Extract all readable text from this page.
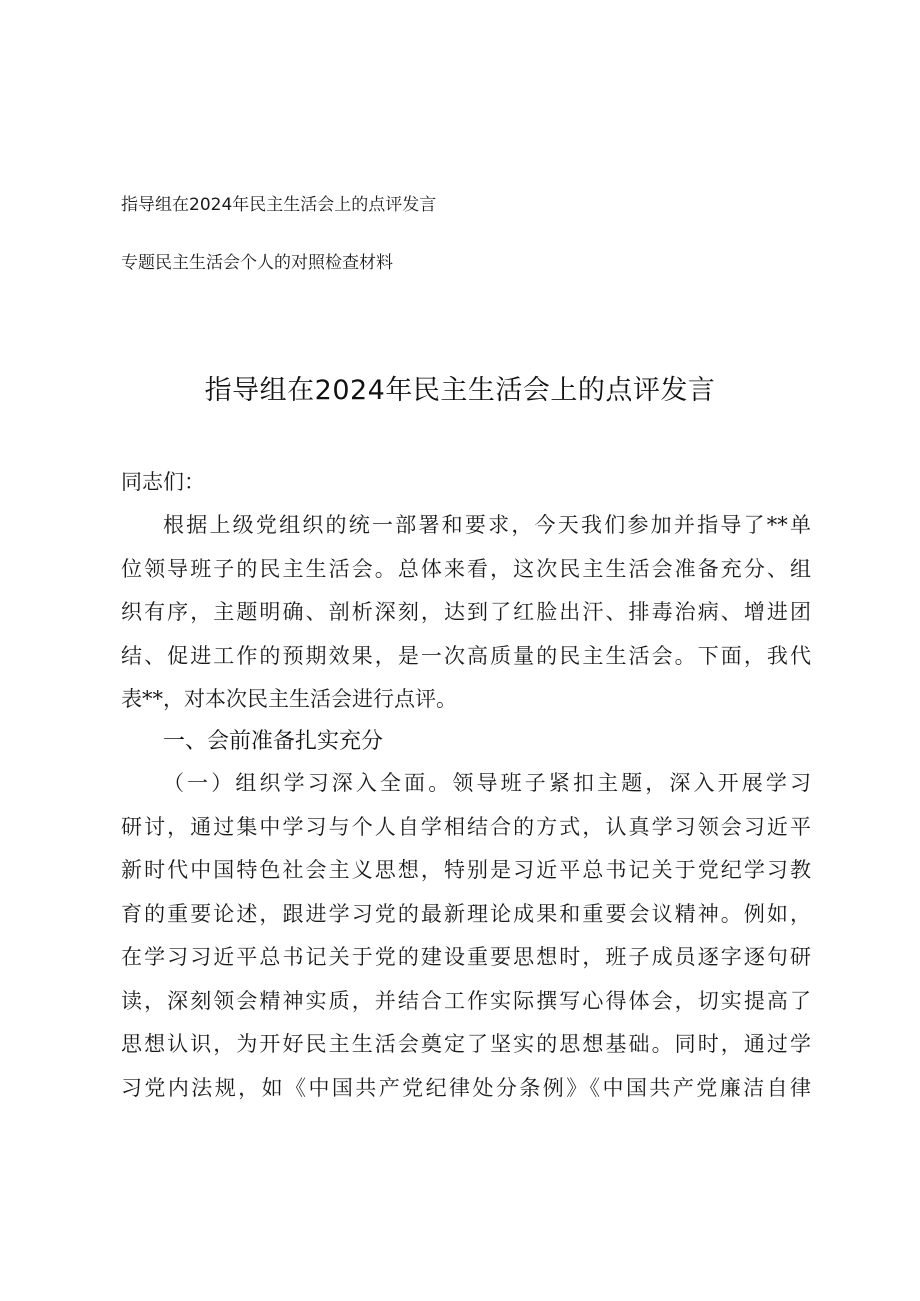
指导组在2024年民主生活会上的点评发言
专题民主生活会个人的对照检查材料
指导组在2024年民主生活会上的点评发言
同志们：
根据上级党组织的统一部署和要求，今天我们参加并指导了**单
位领导班子的民主生活会。总体来看，这次民主生活会准备充分、组
织有序，主题明确、剖析深刻，达到了红脸出汗、排毒治病、增进团
结、促进工作的预期效果，是一次高质量的民主生活会。下面，我代
表**，对本次民主生活会进行点评。
一、会前准备扎实充分
（一）组织学习深入全面。领导班子紧扣主题，深入开展学习
研讨，通过集中学习与个人自学相结合的方式，认真学习领会习近平
新时代中国特色社会主义思想，特别是习近平总书记关于党纪学习教
育的重要论述，跟进学习党的最新理论成果和重要会议精神。例如，
在学习习近平总书记关于党的建设重要思想时，班子成员逐字逐句研
读，深刻领会精神实质，并结合工作实际撰写心得体会，切实提高了
思想认识，为开好民主生活会奠定了坚实的思想基础。同时，通过学
习党内法规，如《中国共产党纪律处分条例》《中国共产党廉洁自律
